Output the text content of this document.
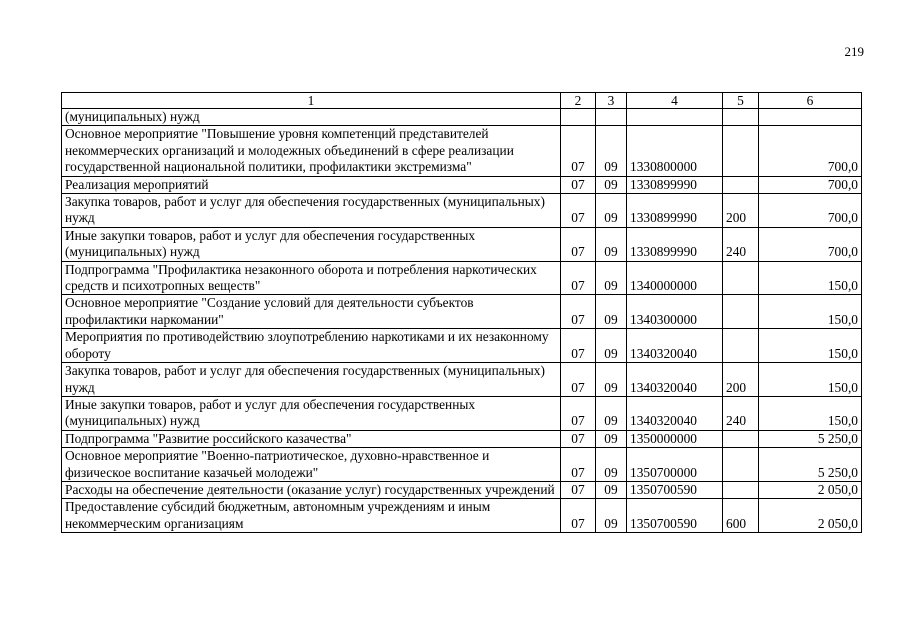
219
1	2	3	4	5	6
(муниципальных) нужд					
Основное мероприятие "Повышение уровня компетенций представителей некоммерческих организаций и молодежных объединений в сфере реализации государственной национальной политики, профилактики экстремизма"	07	09	1330800000		700,0
Реализация мероприятий	07	09	1330899990		700,0
Закупка товаров, работ и услуг для обеспечения государственных (муниципальных) нужд	07	09	1330899990	200	700,0
Иные закупки товаров, работ и услуг для обеспечения государственных (муниципальных) нужд	07	09	1330899990	240	700,0
Подпрограмма "Профилактика незаконного оборота и потребления наркотических средств и психотропных веществ"	07	09	1340000000		150,0
Основное мероприятие "Создание условий для деятельности субъектов профилактики наркомании"	07	09	1340300000		150,0
Мероприятия по противодействию злоупотреблению наркотиками и их незаконному обороту	07	09	1340320040		150,0
Закупка товаров, работ и услуг для обеспечения государственных (муниципальных) нужд	07	09	1340320040	200	150,0
Иные закупки товаров, работ и услуг для обеспечения государственных (муниципальных) нужд	07	09	1340320040	240	150,0
Подпрограмма "Развитие российского казачества"	07	09	1350000000		5 250,0
Основное мероприятие "Военно-патриотическое, духовно-нравственное и физическое воспитание казачьей молодежи"	07	09	1350700000		5 250,0
Расходы на обеспечение деятельности (оказание услуг) государственных учреждений	07	09	1350700590		2 050,0
Предоставление субсидий бюджетным, автономным учреждениям и иным некоммерческим организациям	07	09	1350700590	600	2 050,0
